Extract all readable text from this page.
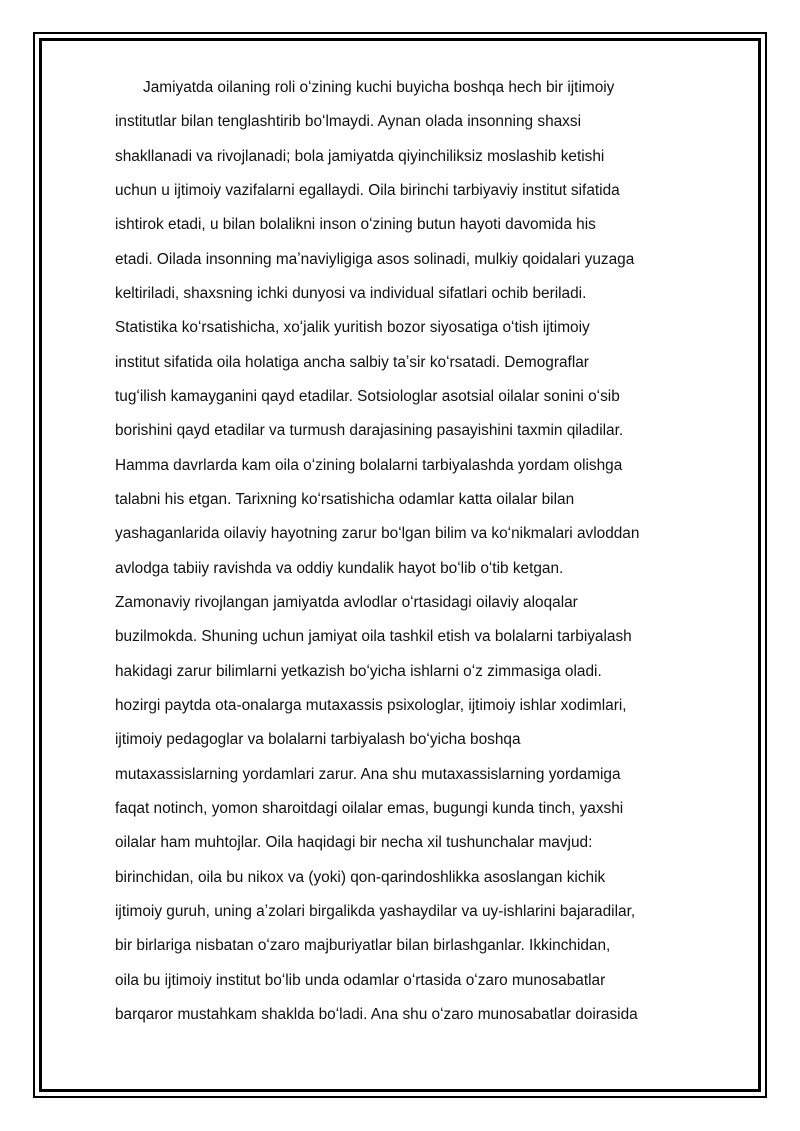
Jamiyatda oilaning roli oʻzining kuchi buyicha boshqa hech bir ijtimoiy
institutlar bilan tenglashtirib boʻlmaydi. Aynan olada insonning shaxsi
shakllanadi va rivojlanadi; bola jamiyatda qiyinchiliksiz moslashib ketishi
uchun u ijtimoiy vazifalarni egallaydi. Oila birinchi tarbiyaviy institut sifatida
ishtirok etadi, u bilan bolalikni inson oʻzining butun hayoti davomida his
etadi. Oilada insonning maʼnaviyligiga asos solinadi, mulkiy qoidalari yuzaga
keltiriladi, shaxsning ichki dunyosi va individual sifatlari ochib beriladi.
Statistika koʻrsatishicha, xoʻjalik yuritish bozor siyosatiga oʻtish ijtimoiy
institut sifatida oila holatiga ancha salbiy taʼsir koʻrsatadi. Demograflar
tugʻilish kamayganini qayd etadilar. Sotsiologlar asotsial oilalar sonini oʻsib
borishini qayd etadilar va turmush darajasining pasayishini taxmin qiladilar.
Hamma davrlarda kam oila oʻzining bolalarni tarbiyalashda yordam olishga
talabni his etgan. Tarixning koʻrsatishicha odamlar katta oilalar bilan
yashaganlarida oilaviy hayotning zarur boʻlgan bilim va koʻnikmalari avloddan
avlodga tabiiy ravishda va oddiy kundalik hayot boʻlib oʻtib ketgan.
Zamonaviy rivojlangan jamiyatda avlodlar oʻrtasidagi oilaviy aloqalar
buzilmokda. Shuning uchun jamiyat oila tashkil etish va bolalarni tarbiyalash
hakidagi zarur bilimlarni yetkazish boʻyicha ishlarni oʻz zimmasiga oladi.
hozirgi paytda ota-onalarga mutaxassis psixologlar, ijtimoiy ishlar xodimlari,
ijtimoiy pedagoglar va bolalarni tarbiyalash boʻyicha boshqa
mutaxassislarning yordamlari zarur. Ana shu mutaxassislarning yordamiga
faqat notinch, yomon sharoitdagi oilalar emas, bugungi kunda tinch, yaxshi
oilalar ham muhtojlar. Oila haqidagi bir necha xil tushunchalar mavjud:
birinchidan, oila bu nikox va (yoki) qon-qarindoshlikka asoslangan kichik
ijtimoiy guruh, uning aʼzolari birgalikda yashaydilar va uy-ishlarini bajaradilar,
bir birlariga nisbatan oʻzaro majburiyatlar bilan birlashganlar. Ikkinchidan,
oila bu ijtimoiy institut boʻlib unda odamlar oʻrtasida oʻzaro munosabatlar
barqaror mustahkam shaklda boʻladi. Ana shu oʻzaro munosabatlar doirasida
